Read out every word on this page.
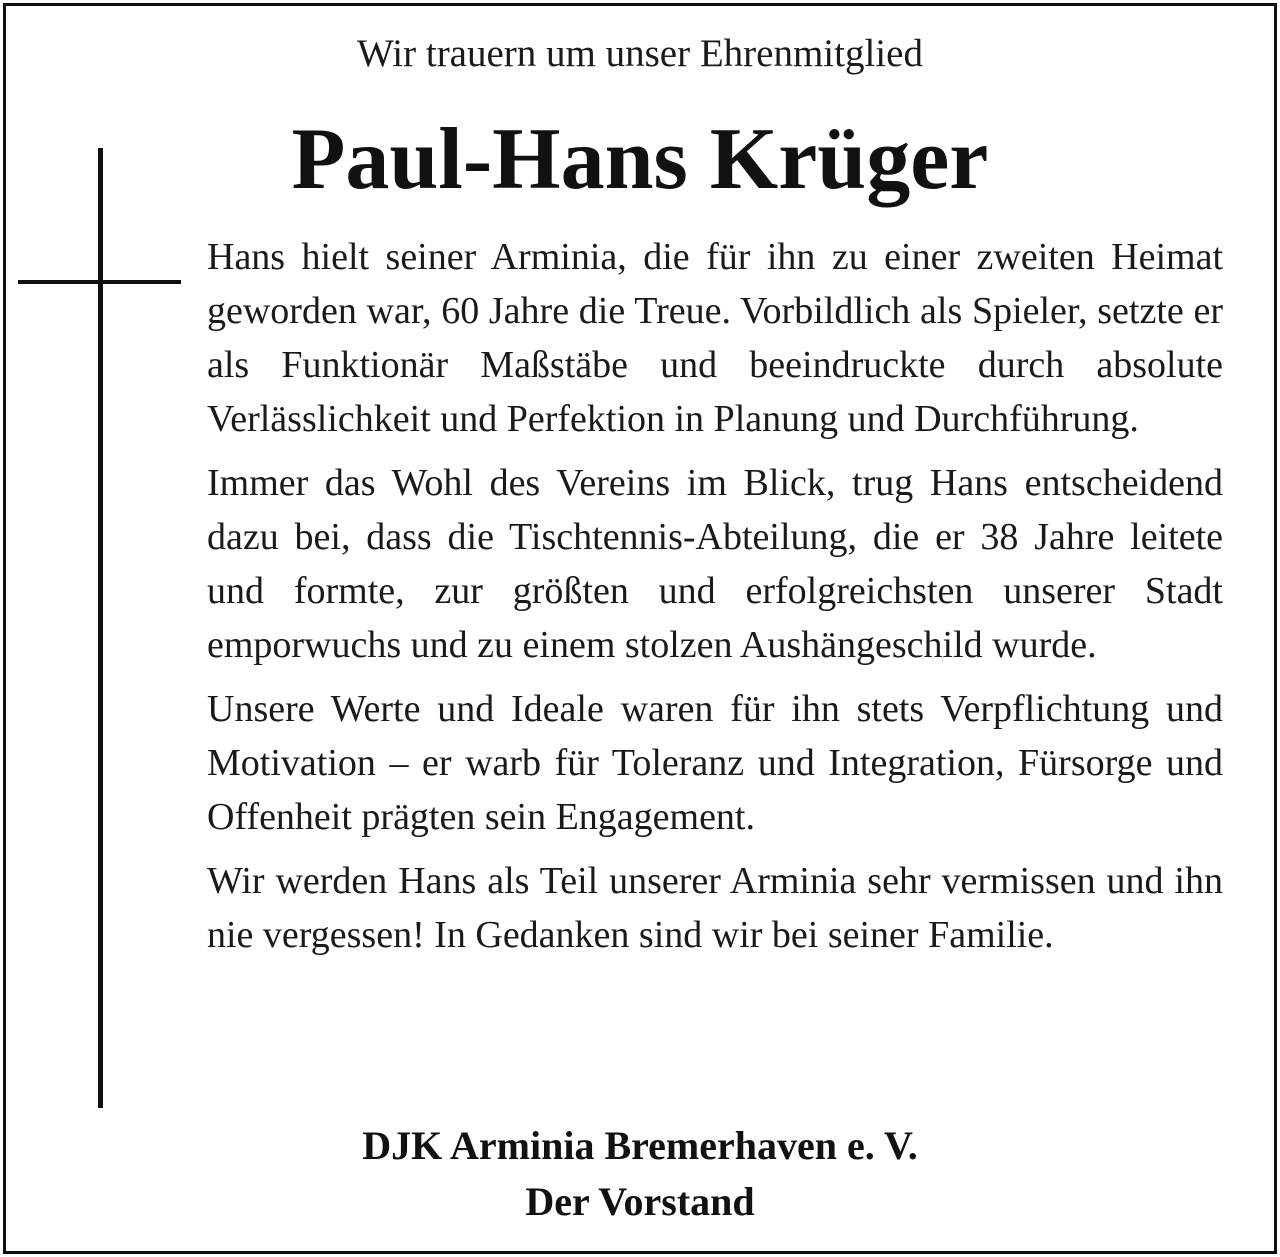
Wir trauern um unser Ehrenmitglied
Paul-Hans Krüger

Hans hielt seiner Arminia, die für ihn zu einer zweiten Heimat geworden war, 60 Jahre die Treue. Vorbildlich als Spieler, setzte er als Funktionär Maßstäbe und beeindruckte durch absolute Verlässlichkeit und Perfektion in Planung und Durchführung.

Immer das Wohl des Vereins im Blick, trug Hans entscheidend dazu bei, dass die Tischtennis-Abteilung, die er 38 Jahre leitete und formte, zur größten und erfolgreichsten unserer Stadt emporwuchs und zu einem stolzen Aushängeschild wurde.

Unsere Werte und Ideale waren für ihn stets Verpflichtung und Motivation – er warb für Toleranz und Integration, Fürsorge und Offenheit prägten sein Engagement.

Wir werden Hans als Teil unserer Arminia sehr vermissen und ihn nie vergessen! In Gedanken sind wir bei seiner Familie.

DJK Arminia Bremerhaven e. V.
Der Vorstand
